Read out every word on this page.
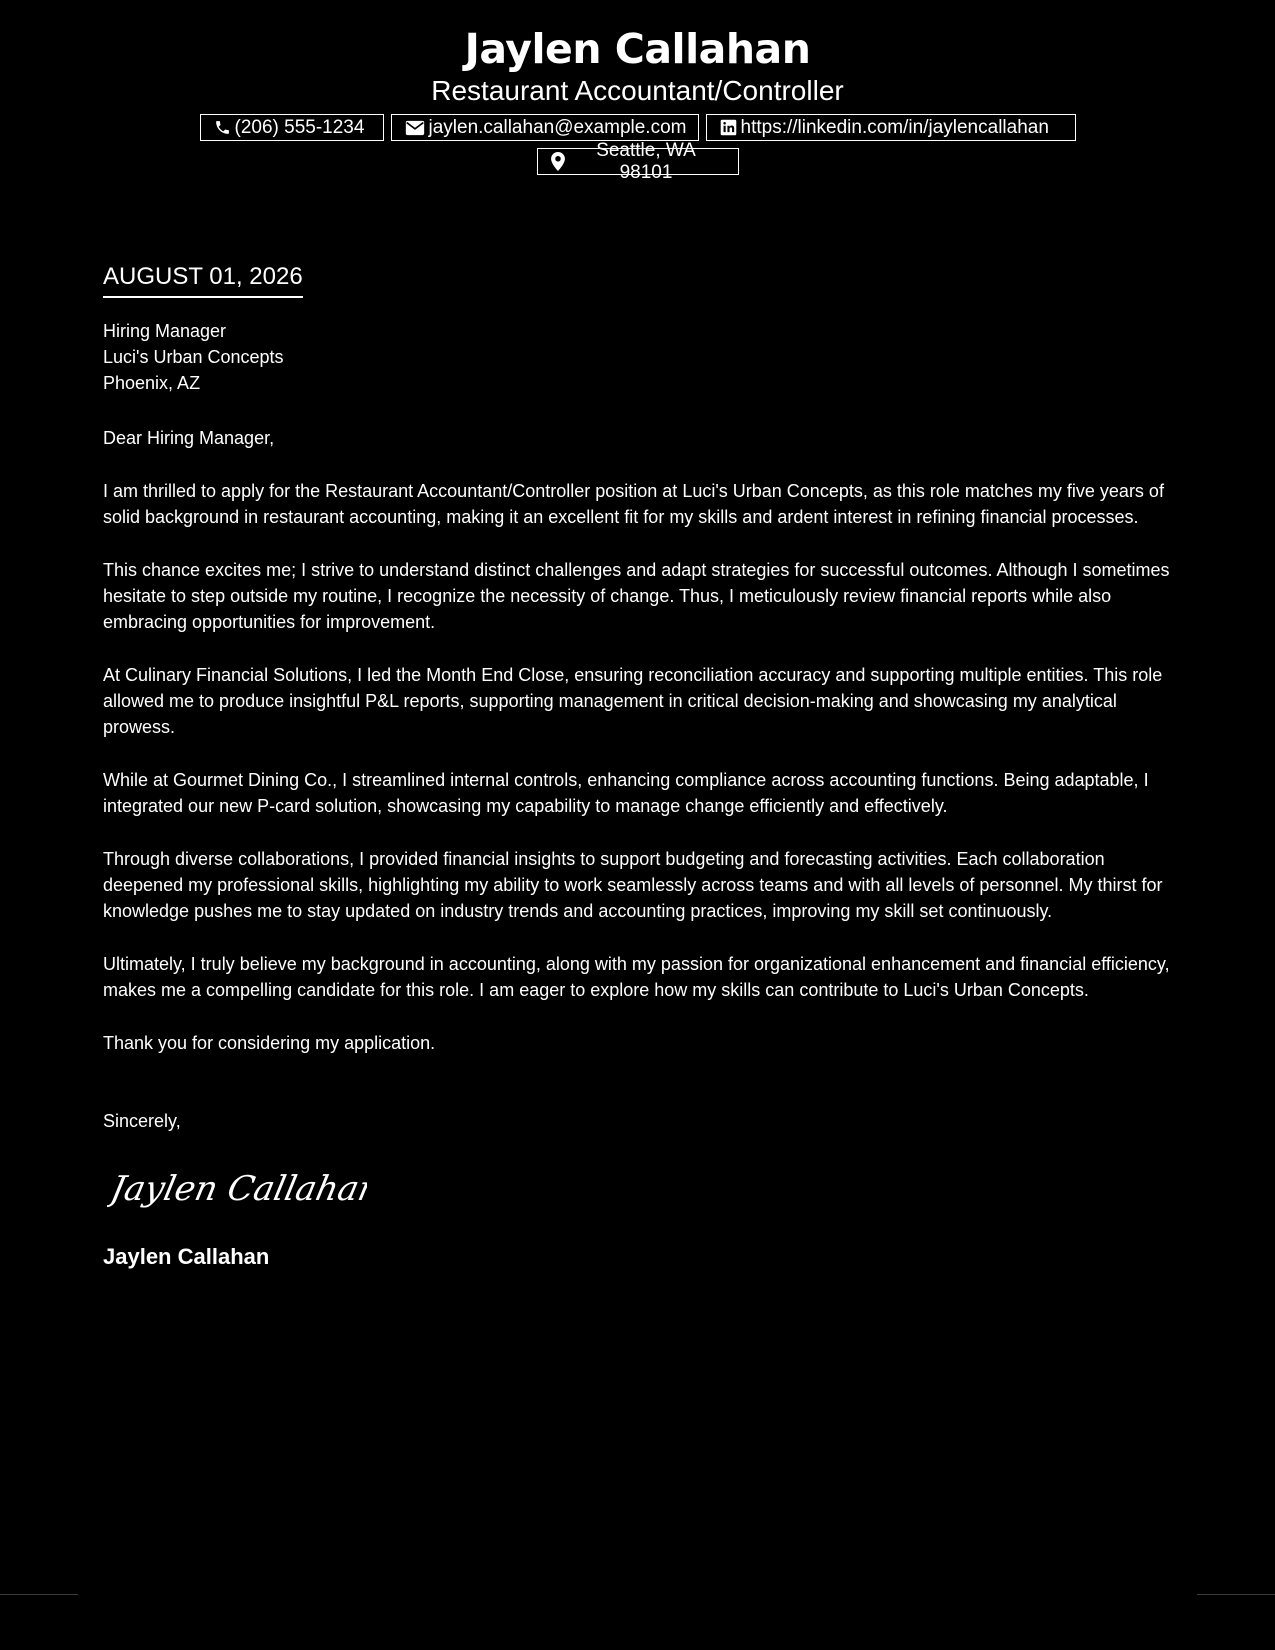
Jaylen Callahan

Restaurant Accountant/Controller

(206) 555-1234	jaylen.callahan@example.com	https://linkedin.com/in/jaylencallahan
Seattle, WA 98101
AUGUST 01, 2026

Hiring Manager

Luci's Urban Concepts

Phoenix, AZ

Dear Hiring Manager,

I am thrilled to apply for the Restaurant Accountant/Controller position at Luci's Urban Concepts, as this role matches my five years of solid background in restaurant accounting, making it an excellent fit for my skills and ardent interest in refining financial processes.

This chance excites me; I strive to understand distinct challenges and adapt strategies for successful outcomes. Although I sometimes hesitate to step outside my routine, I recognize the necessity of change. Thus, I meticulously review financial reports while also embracing opportunities for improvement.

At Culinary Financial Solutions, I led the Month End Close, ensuring reconciliation accuracy and supporting multiple entities. This role allowed me to produce insightful P&L reports, supporting management in critical decision-making and showcasing my analytical prowess.

While at Gourmet Dining Co., I streamlined internal controls, enhancing compliance across accounting functions. Being adaptable, I integrated our new P-card solution, showcasing my capability to manage change efficiently and effectively.

Through diverse collaborations, I provided financial insights to support budgeting and forecasting activities. Each collaboration deepened my professional skills, highlighting my ability to work seamlessly across teams and with all levels of personnel. My thirst for knowledge pushes me to stay updated on industry trends and accounting practices, improving my skill set continuously.

Ultimately, I truly believe my background in accounting, along with my passion for organizational enhancement and financial efficiency, makes me a compelling candidate for this role. I am eager to explore how my skills can contribute to Luci's Urban Concepts.

Thank you for considering my application.

Sincerely,

Jaylen Callahan

Jaylen Callahan
